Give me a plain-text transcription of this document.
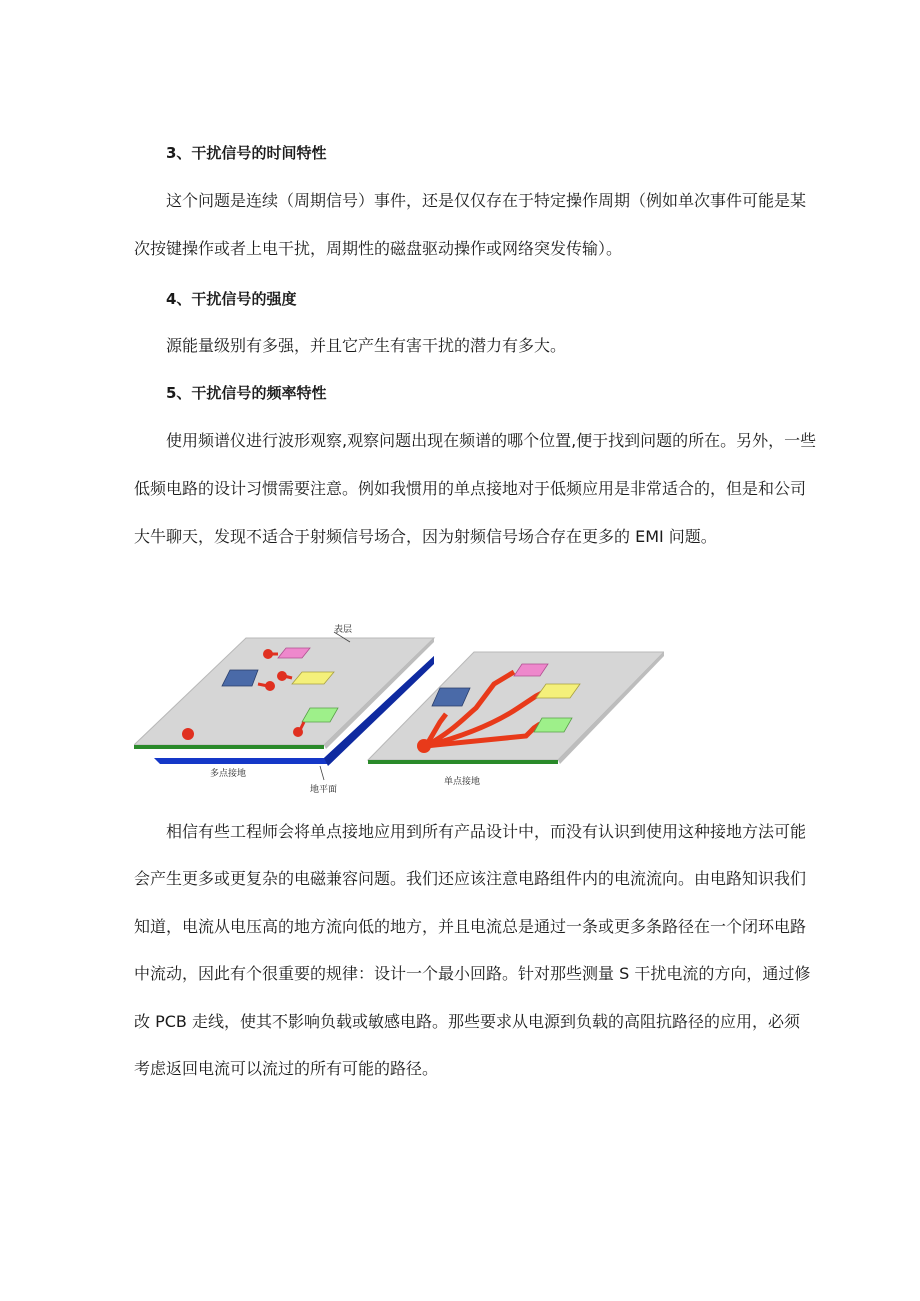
3、干扰信号的时间特性
这个问题是连续（周期信号）事件，还是仅仅存在于特定操作周期（例如单次事件可能是某
次按键操作或者上电干扰，周期性的磁盘驱动操作或网络突发传输）。
4、干扰信号的强度
源能量级别有多强，并且它产生有害干扰的潜力有多大。
5、干扰信号的频率特性
使用频谱仪进行波形观察,观察问题出现在频谱的哪个位置,便于找到问题的所在。另外，一些
低频电路的设计习惯需要注意。例如我惯用的单点接地对于低频应用是非常适合的，但是和公司
大牛聊天，发现不适合于射频信号场合，因为射频信号场合存在更多的 EMI 问题。
表层
多点接地
地平面
单点接地
相信有些工程师会将单点接地应用到所有产品设计中，而没有认识到使用这种接地方法可能
会产生更多或更复杂的电磁兼容问题。我们还应该注意电路组件内的电流流向。由电路知识我们
知道，电流从电压高的地方流向低的地方，并且电流总是通过一条或更多条路径在一个闭环电路
中流动，因此有个很重要的规律：设计一个最小回路。针对那些测量 S 干扰电流的方向，通过修
改 PCB 走线，使其不影响负载或敏感电路。那些要求从电源到负载的高阻抗路径的应用，必须
考虑返回电流可以流过的所有可能的路径。
